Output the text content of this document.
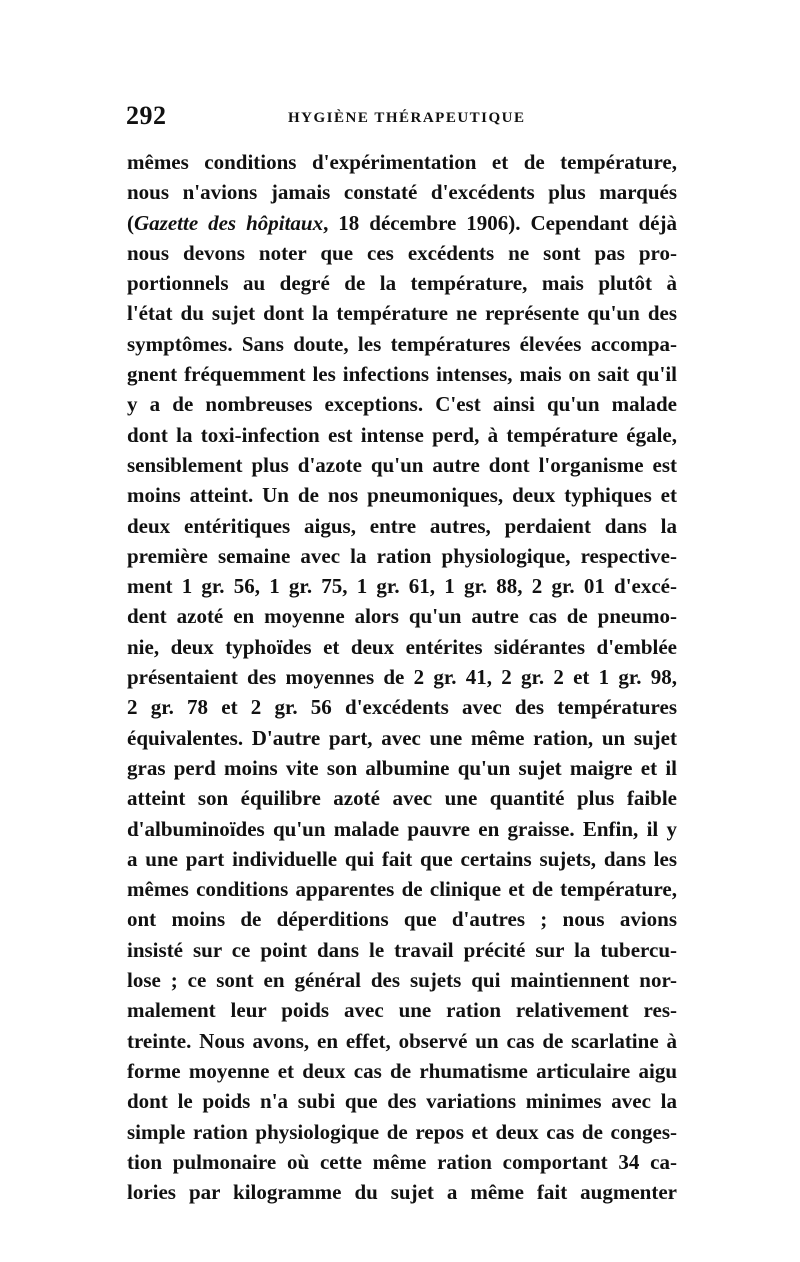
292	HYGIÈNE THÉRAPEUTIQUE
mêmes conditions d'expérimentation et de température,
nous n'avions jamais constaté d'excédents plus marqués
(Gazette des hôpitaux, 18 décembre 1906). Cependant déjà
nous devons noter que ces excédents ne sont pas pro-
portionnels au degré de la température, mais plutôt à
l'état du sujet dont la température ne représente qu'un des
symptômes. Sans doute, les températures élevées accompa-
gnent fréquemment les infections intenses, mais on sait qu'il
y a de nombreuses exceptions. C'est ainsi qu'un malade
dont la toxi-infection est intense perd, à température égale,
sensiblement plus d'azote qu'un autre dont l'organisme est
moins atteint. Un de nos pneumoniques, deux typhiques et
deux entéritiques aigus, entre autres, perdaient dans la
première semaine avec la ration physiologique, respective-
ment 1 gr. 56, 1 gr. 75, 1 gr. 61, 1 gr. 88, 2 gr. 01 d'excé-
dent azoté en moyenne alors qu'un autre cas de pneumo-
nie, deux typhoïdes et deux entérites sidérantes d'emblée
présentaient des moyennes de 2 gr. 41, 2 gr. 2 et 1 gr. 98,
2 gr. 78 et 2 gr. 56 d'excédents avec des températures
équivalentes. D'autre part, avec une même ration, un sujet
gras perd moins vite son albumine qu'un sujet maigre et il
atteint son équilibre azoté avec une quantité plus faible
d'albuminoïdes qu'un malade pauvre en graisse. Enfin, il y
a une part individuelle qui fait que certains sujets, dans les
mêmes conditions apparentes de clinique et de température,
ont moins de déperditions que d'autres ; nous avions
insisté sur ce point dans le travail précité sur la tubercu-
lose ; ce sont en général des sujets qui maintiennent nor-
malement leur poids avec une ration relativement res-
treinte. Nous avons, en effet, observé un cas de scarlatine à
forme moyenne et deux cas de rhumatisme articulaire aigu
dont le poids n'a subi que des variations minimes avec la
simple ration physiologique de repos et deux cas de conges-
tion pulmonaire où cette même ration comportant 34 ca-
lories par kilogramme du sujet a même fait augmenter
